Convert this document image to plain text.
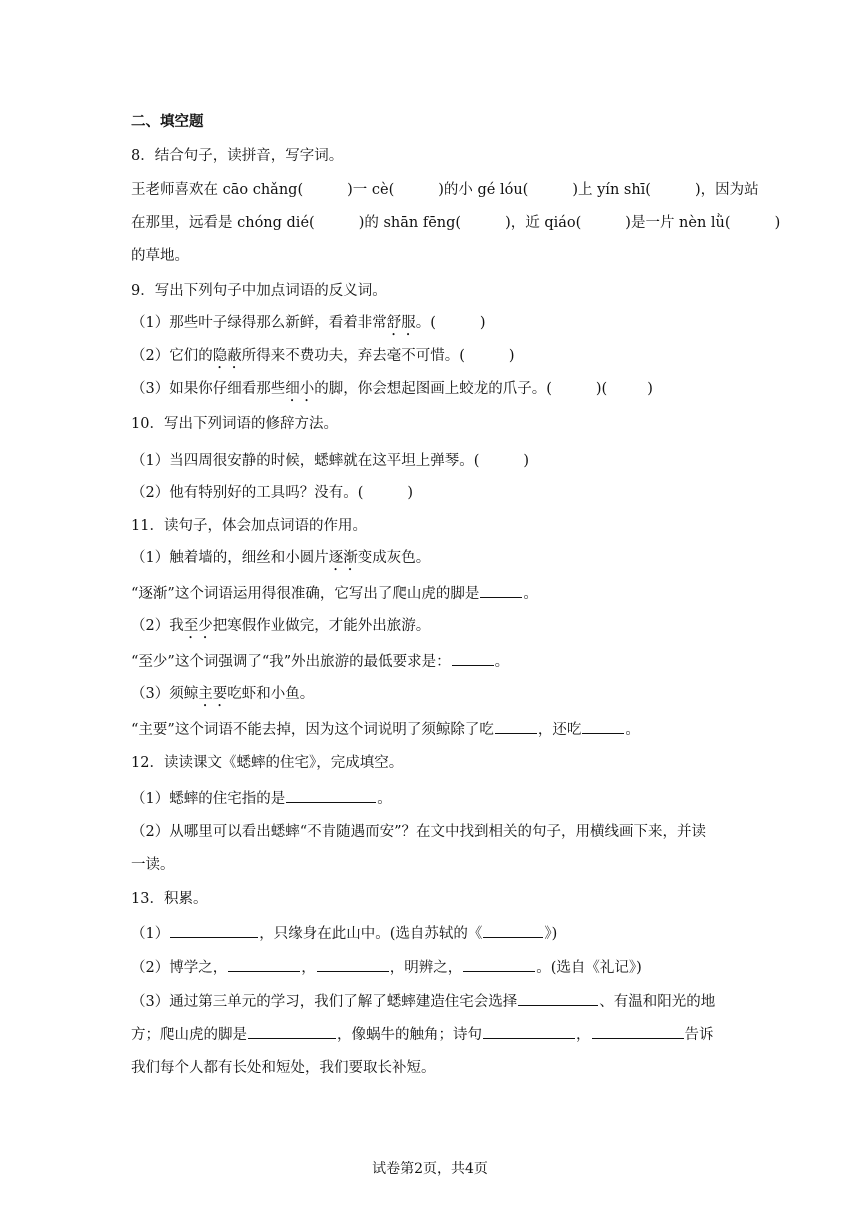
二、填空题
8．结合句子，读拼音，写字词。
王老师喜欢在 cāo chǎng(	)一 cè(	)的小 gé lóu(	)上 yín shī(	)，因为站
在那里，远看是 chóng dié(	)的 shān fēng(	)，近 qiáo(	)是一片 nèn lǜ(	)
的草地。
9．写出下列句子中加点词语的反义词。
（1）那些叶子绿得那么新鲜，看着非常舒服。(	)
（2）它们的隐蔽所得来不费功夫，弃去毫不可惜。(	)
（3）如果你仔细看那些细小的脚，你会想起图画上蛟龙的爪子。(	)(	)
10．写出下列词语的修辞方法。
（1）当四周很安静的时候，蟋蟀就在这平坦上弹琴。(	)
（2）他有特别好的工具吗？没有。(	)
11．读句子，体会加点词语的作用。
（1）触着墙的，细丝和小圆片逐渐变成灰色。
“逐渐”这个词语运用得很准确，它写出了爬山虎的脚是	。
（2）我至少把寒假作业做完，才能外出旅游。
“至少”这个词强调了“我”外出旅游的最低要求是：	。
（3）须鲸主要吃虾和小鱼。
“主要”这个词语不能去掉，因为这个词说明了须鲸除了吃	，还吃	。
12．读读课文《蟋蟀的住宅》，完成填空。
（1）蟋蟀的住宅指的是	。
（2）从哪里可以看出蟋蟀“不肯随遇而安”？在文中找到相关的句子，用横线画下来，并读
一读。
13．积累。
（1）	，只缘身在此山中。(选自苏轼的《	》)
（2）博学之，	，	，明辨之，	。(选自《礼记》)
（3）通过第三单元的学习，我们了解了蟋蟀建造住宅会选择	、有温和阳光的地
方；爬山虎的脚是	，像蜗牛的触角；诗句	，	告诉
我们每个人都有长处和短处，我们要取长补短。
试卷第2页，共4页
